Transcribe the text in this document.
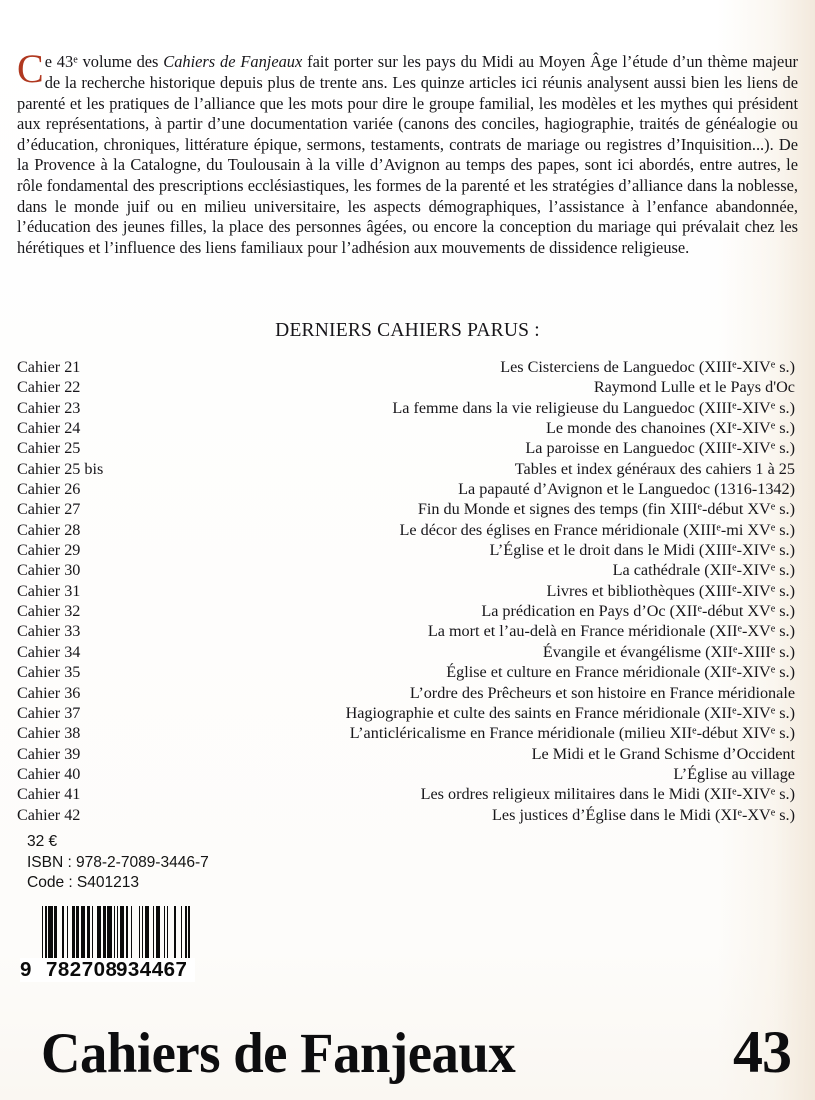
Ce 43e volume des Cahiers de Fanjeaux fait porter sur les pays du Midi au Moyen Âge l’étude d’un thème majeur de la recherche historique depuis plus de trente ans. Les quinze articles ici réunis analysent aussi bien les liens de parenté et les pratiques de l’alliance que les mots pour dire le groupe familial, les modèles et les mythes qui président aux représentations, à partir d’une documentation variée (canons des conciles, hagiographie, traités de généalogie ou d’éducation, chroniques, littérature épique, sermons, testaments, contrats de mariage ou registres d’Inquisition...). De la Provence à la Catalogne, du Toulousain à la ville d’Avignon au temps des papes, sont ici abordés, entre autres, le rôle fondamental des prescriptions ecclésiastiques, les formes de la parenté et les stratégies d’alliance dans la noblesse, dans le monde juif ou en milieu universitaire, les aspects démographiques, l’assistance à l’enfance abandonnée, l’éducation des jeunes filles, la place des personnes âgées, ou encore la conception du mariage qui prévalait chez les hérétiques et l’influence des liens familiaux pour l’adhésion aux mouvements de dissidence religieuse.

DERNIERS CAHIERS PARUS :
Cahier 21	Les Cisterciens de Languedoc (XIIIe-XIVe s.)
Cahier 22	Raymond Lulle et le Pays d'Oc
Cahier 23	La femme dans la vie religieuse du Languedoc (XIIIe-XIVe s.)
Cahier 24	Le monde des chanoines (XIe-XIVe s.)
Cahier 25	La paroisse en Languedoc (XIIIe-XIVe s.)
Cahier 25 bis	Tables et index généraux des cahiers 1 à 25
Cahier 26	La papauté d’Avignon et le Languedoc (1316-1342)
Cahier 27	Fin du Monde et signes des temps (fin XIIIe-début XVe s.)
Cahier 28	Le décor des églises en France méridionale (XIIIe-mi XVe s.)
Cahier 29	L’Église et le droit dans le Midi (XIIIe-XIVe s.)
Cahier 30	La cathédrale (XIIe-XIVe s.)
Cahier 31	Livres et bibliothèques (XIIIe-XIVe s.)
Cahier 32	La prédication en Pays d’Oc (XIIe-début XVe s.)
Cahier 33	La mort et l’au-delà en France méridionale (XIIe-XVe s.)
Cahier 34	Évangile et évangélisme (XIIe-XIIIe s.)
Cahier 35	Église et culture en France méridionale (XIIe-XIVe s.)
Cahier 36	L’ordre des Prêcheurs et son histoire en France méridionale
Cahier 37	Hagiographie et culte des saints en France méridionale (XIIe-XIVe s.)
Cahier 38	L’anticléricalisme en France méridionale (milieu XIIe-début XIVe s.)
Cahier 39	Le Midi et le Grand Schisme d’Occident
Cahier 40	L’Église au village
Cahier 41	Les ordres religieux militaires dans le Midi (XIIe-XIVe s.)
Cahier 42	Les justices d’Église dans le Midi (XIe-XVe s.)
32 €
ISBN : 978-2-7089-3446-7
Code : S401213
9 782708
934467
Cahiers de Fanjeaux	43
